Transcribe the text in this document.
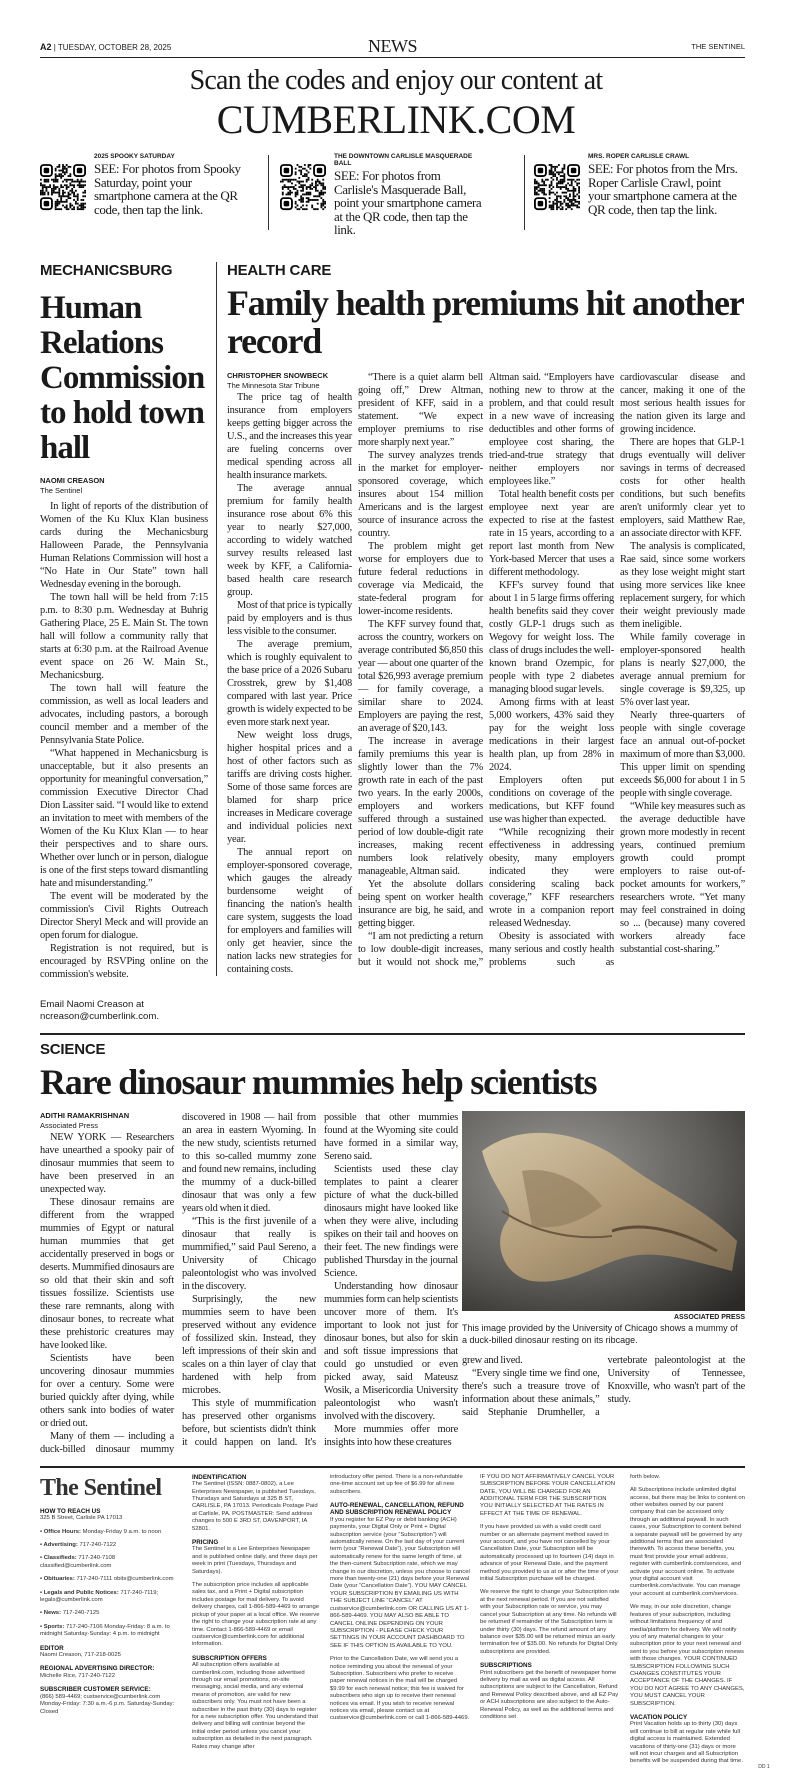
A2 | TUESDAY, OCTOBER 28, 2025	NEWS	THE SENTINEL
Scan the codes and enjoy our content at
CUMBERLINK.COM
2025 SPOOKY SATURDAY
SEE: For photos from Spooky Saturday, point your smartphone camera at the QR code, then tap the link.
THE DOWNTOWN CARLISLE MASQUERADE BALL
SEE: For photos from Carlisle's Masquerade Ball, point your smartphone camera at the QR code, then tap the link.
MRS. ROPER CARLISLE CRAWL
SEE: For photos from the Mrs. Roper Carlisle Crawl, point your smartphone camera at the QR code, then tap the link.
MECHANICSBURG
Human Relations Commission to hold town hall
NAOMI CREASON
The Sentinel

In light of reports of the distribution of Women of the Ku Klux Klan business cards during the Mechanicsburg Halloween Parade, the Pennsylvania Human Relations Commission will host a “No Hate in Our State” town hall Wednesday evening in the borough.

The town hall will be held from 7:15 p.m. to 8:30 p.m. Wednesday at Buhrig Gathering Place, 25 E. Main St. The town hall will follow a community rally that starts at 6:30 p.m. at the Railroad Avenue event space on 26 W. Main St., Mechanicsburg.

The town hall will feature the commission, as well as local leaders and advocates, including pastors, a borough council member and a member of the Pennsylvania State Police.

“What happened in Mechanicsburg is unacceptable, but it also presents an opportunity for meaningful conversation,” commission Executive Director Chad Dion Lassiter said. “I would like to extend an invitation to meet with members of the Women of the Ku Klux Klan — to hear their perspectives and to share ours. Whether over lunch or in person, dialogue is one of the first steps toward dismantling hate and misunderstanding.”

The event will be moderated by the commission's Civil Rights Outreach Director Sheryl Meck and will provide an open forum for dialogue.

Registration is not required, but is encouraged by RSVPing online on the commission's website.

Email Naomi Creason at ncreason@cumberlink.com.
HEALTH CARE
Family health premiums hit another record
CHRISTOPHER SNOWBECK
The Minnesota Star Tribune

The price tag of health insurance from employers keeps getting bigger across the U.S., and the increases this year are fueling concerns over medical spending across all health insurance markets.

The average annual premium for family health insurance rose about 6% this year to nearly $27,000, according to widely watched survey results released last week by KFF, a California-based health care research group.

Most of that price is typically paid by employers and is thus less visible to the consumer.

The average premium, which is roughly equivalent to the base price of a 2026 Subaru Crosstrek, grew by $1,408 compared with last year. Price growth is widely expected to be even more stark next year.

New weight loss drugs, higher hospital prices and a host of other factors such as tariffs are driving costs higher. Some of those same forces are blamed for sharp price increases in Medicare coverage and individual policies next year.

The annual report on employer-sponsored coverage, which gauges the already burdensome weight of financing the nation's health care system, suggests the load for employers and families will only get heavier, since the nation lacks new strategies for containing costs.

“There is a quiet alarm bell going off,” Drew Altman, president of KFF, said in a statement. “We expect employer premiums to rise more sharply next year.”

The survey analyzes trends in the market for employer-sponsored coverage, which insures about 154 million Americans and is the largest source of insurance across the country.

The problem might get worse for employers due to future federal reductions in coverage via Medicaid, the state-federal program for lower-income residents.

The KFF survey found that, across the country, workers on average contributed $6,850 this year — about one quarter of the total $26,993 average premium — for family coverage, a similar share to 2024. Employers are paying the rest, an average of $20,143.

The increase in average family premiums this year is slightly lower than the 7% growth rate in each of the past two years. In the early 2000s, employers and workers suffered through a sustained period of low double-digit rate increases, making recent numbers look relatively manageable, Altman said.

Yet the absolute dollars being spent on worker health insurance are big, he said, and getting bigger.

“I am not predicting a return to low double-digit increases, but it would not shock me,” Altman said. “Employers have nothing new to throw at the problem, and that could result in a new wave of increasing deductibles and other forms of employee cost sharing, the tried-and-true strategy that neither employers nor employees like.”

Total health benefit costs per employee next year are expected to rise at the fastest rate in 15 years, according to a report last month from New York-based Mercer that uses a different methodology.

KFF's survey found that about 1 in 5 large firms offering health benefits said they cover costly GLP-1 drugs such as Wegovy for weight loss. The class of drugs includes the well-known brand Ozempic, for people with type 2 diabetes managing blood sugar levels.

Among firms with at least 5,000 workers, 43% said they pay for the weight loss medications in their largest health plan, up from 28% in 2024.

Employers often put conditions on coverage of the medications, but KFF found use was higher than expected.

“While recognizing their effectiveness in addressing obesity, many employers indicated they were considering scaling back coverage,” KFF researchers wrote in a companion report released Wednesday.

Obesity is associated with many serious and costly health problems such as cardiovascular disease and cancer, making it one of the most serious health issues for the nation given its large and growing incidence.

There are hopes that GLP-1 drugs eventually will deliver savings in terms of decreased costs for other health conditions, but such benefits aren't uniformly clear yet to employers, said Matthew Rae, an associate director with KFF.

The analysis is complicated, Rae said, since some workers as they lose weight might start using more services like knee replacement surgery, for which their weight previously made them ineligible.

While family coverage in employer-sponsored health plans is nearly $27,000, the average annual premium for single coverage is $9,325, up 5% over last year.

Nearly three-quarters of people with single coverage face an annual out-of-pocket maximum of more than $3,000. This upper limit on spending exceeds $6,000 for about 1 in 5 people with single coverage.

“While key measures such as the average deductible have grown more modestly in recent years, continued premium growth could prompt employers to raise out-of-pocket amounts for workers,” researchers wrote. “Yet many may feel constrained in doing so ... (because) many covered workers already face substantial cost-sharing.”

SCIENCE
Rare dinosaur mummies help scientists
ADITHI RAMAKRISHNAN
Associated Press

NEW YORK — Researchers have unearthed a spooky pair of dinosaur mummies that seem to have been preserved in an unexpected way.

These dinosaur remains are different from the wrapped mummies of Egypt or natural human mummies that get accidentally preserved in bogs or deserts. Mummified dinosaurs are so old that their skin and soft tissues fossilize. Scientists use these rare remnants, along with dinosaur bones, to recreate what these prehistoric creatures may have looked like.

Scientists have been uncovering dinosaur mummies for over a century. Some were buried quickly after dying, while others sank into bodies of water or dried out.

Many of them — including a duck-billed dinosaur mummy discovered in 1908 — hail from an area in eastern Wyoming. In the new study, scientists returned to this so-called mummy zone and found new remains, including the mummy of a duck-billed dinosaur that was only a few years old when it died.

“This is the first juvenile of a dinosaur that really is mummified,” said Paul Sereno, a University of Chicago paleontologist who was involved in the discovery.

Surprisingly, the new mummies seem to have been preserved without any evidence of fossilized skin. Instead, they left impressions of their skin and scales on a thin layer of clay that hardened with help from microbes.

This style of mummification has preserved other organisms before, but scientists didn't think it could happen on land. It's possible that other mummies found at the Wyoming site could have formed in a similar way, Sereno said.

Scientists used these clay templates to paint a clearer picture of what the duck-billed dinosaurs might have looked like when they were alive, including spikes on their tail and hooves on their feet. The new findings were published Thursday in the journal Science.

Understanding how dinosaur mummies form can help scientists uncover more of them. It's important to look not just for dinosaur bones, but also for skin and soft tissue impressions that could go unstudied or even picked away, said Mateusz Wosik, a Misericordia University paleontologist who wasn't involved with the discovery.

More mummies offer more insights into how these creatures

ASSOCIATED PRESS
This image provided by the University of Chicago shows a mummy of a duck-billed dinosaur resting on its ribcage.

grew and lived.

“Every single time we find one, there's such a treasure trove of information about these animals,” said Stephanie Drumheller, a vertebrate paleontologist at the University of Tennessee, Knoxville, who wasn't part of the study.

The Sentinel
HOW TO REACH US
325 B Street, Carlisle PA 17013
• Office Hours: Monday-Friday 9 a.m. to noon
• Advertising: 717-240-7122
• Classifieds: 717-240-7108 classified@cumberlink.com
• Obituaries: 717-240-7111 obits@cumberlink.com
• Legals and Public Notices: 717-240-7119; legals@cumberlink.com
• News: 717-240-7125
• Sports: 717-240-7106 Monday-Friday: 8 a.m. to midnight Saturday-Sunday: 4 p.m. to midnight
EDITOR
Naomi Creason, 717-218-0025
REGIONAL ADVERTISING DIRECTOR:
Michelle Rice, 717-240-7122
SUBSCRIBER CUSTOMER SERVICE:
(866) 589-4469; custservice@cumberlink.com Monday-Friday: 7:30 a.m.-6 p.m. Saturday-Sunday: Closed
INDENTIFICATION

The Sentinel (ISSN: 0887-0802), a Lee Enterprises Newspaper, is published Tuesdays, Thursdays and Saturdays at 325 B ST, CARLISLE, PA 17013. Periodicals Postage Paid at Carlisle, PA. POSTMASTER: Send address changes to 500 E 3RD ST, DAVENPORT, IA 52801.

PRICING

The Sentinel is a Lee Enterprises Newspaper and is published online daily, and three days per week in print (Tuesdays, Thursdays and Saturdays).

The subscription price includes all applicable sales tax, and a Print + Digital subscription includes postage for mail delivery. To avoid delivery charges, call 1-866-589-4469 to arrange pickup of your paper at a local office. We reserve the right to change your subscription rate at any time. Contact 1-866-589-4469 or email custservice@cumberlink.com for additional information.

SUBSCRIPTION OFFERS

All subscription offers available at cumberlink.com, including those advertised through our email promotions, on-site messaging, social media, and any external means of promotion, are valid for new subscribers only. You must not have been a subscriber in the past thirty (30) days to register for a new subscription offer. You understand that delivery and billing will continue beyond the initial order period unless you cancel your subscription as detailed in the next paragraph. Rates may change after

introductory offer period. There is a non-refundable one-time account set up fee of $6.99 for all new subscribers.

AUTO-RENEWAL, CANCELLATION, REFUND AND SUBSCRIPTION RENEWAL POLICY

If you register for EZ Pay or debit banking (ACH) payments, your Digital Only or Print + Digital subscription service (your “Subscription”) will automatically renew. On the last day of your current term (your “Renewal Date”), your Subscription will automatically renew for the same length of time, at the then-current Subscription rate, which we may change in our discretion, unless you choose to cancel more than twenty-one (21) days before your Renewal Date (your “Cancellation Date”). YOU MAY CANCEL YOUR SUBSCRIPTION BY EMAILING US WITH THE SUBJECT LINE “CANCEL” AT custservice@cumberlink.com OR CALLING US AT 1-866-589-4469. YOU MAY ALSO BE ABLE TO CANCEL ONLINE DEPENDING ON YOUR SUBSCRIPTION - PLEASE CHECK YOUR SETTINGS IN YOUR ACCOUNT DASHBOARD TO SEE IF THIS OPTION IS AVAILABLE TO YOU.

Prior to the Cancellation Date, we will send you a notice reminding you about the renewal of your Subscription. Subscribers who prefer to receive paper renewal notices in the mail will be charged $9.99 for each renewal notice; this fee is waived for subscribers who sign up to receive their renewal notices via email. If you wish to receive renewal notices via email, please contact us at custservice@cumberlink.com or call 1-866-589-4469.

IF YOU DO NOT AFFIRMATIVELY CANCEL YOUR SUBSCRIPTION BEFORE YOUR CANCELLATION DATE, YOU WILL BE CHARGED FOR AN ADDITIONAL TERM FOR THE SUBSCRIPTION YOU INITIALLY SELECTED AT THE RATES IN EFFECT AT THE TIME OF RENEWAL.

If you have provided us with a valid credit card number or an alternate payment method saved in your account, and you have not cancelled by your Cancellation Date, your Subscription will be automatically processed up to fourteen (14) days in advance of your Renewal Date, and the payment method you provided to us at or after the time of your initial Subscription purchase will be charged.

We reserve the right to change your Subscription rate at the next renewal period. If you are not satisfied with your Subscription rate or service, you may cancel your Subscription at any time. No refunds will be returned if remainder of the Subscription term is under thirty (30) days. The refund amount of any balance over $35.00 will be returned minus an early termination fee of $35.00. No refunds for Digital Only subscriptions are provided.

SUBSCRIPTIONS

Print subscribers get the benefit of newspaper home delivery by mail as well as digital access. All subscriptions are subject to the Cancellation, Refund and Renewal Policy described above, and all EZ Pay or ACH subscriptions are also subject to the Auto-Renewal Policy, as well as the additional terms and conditions set

forth below.

All Subscriptions include unlimited digital access, but there may be links to content on other websites owned by our parent company that can be accessed only through an additional paywall. In such cases, your Subscription to content behind a separate paywall will be governed by any additional terms that are associated therewith. To access these benefits, you must first provide your email address, register with cumberlink.com/services, and activate your account online. To activate your digital account visit cumberlink.com/activate. You can manage your account at cumberlink.com/services.

We may, in our sole discretion, change features of your subscription, including without limitations frequency of and media/platform for delivery. We will notify you of any material changes to your subscription prior to your next renewal and sent to you before your subscription renews with those changes. YOUR CONTINUED SUBSCRIPTION FOLLOWING SUCH CHANGES CONSTITUTES YOUR ACCEPTANCE OF THE CHANGES. IF YOU DO NOT AGREE TO ANY CHANGES, YOU MUST CANCEL YOUR SUBSCRIPTION.

VACATION POLICY

Print Vacation holds up to thirty (30) days will continue to bill at regular rate while full digital access is maintained. Extended vacations of thirty-one (31) days or more will not incur charges and all Subscription benefits will be suspended during that time.

DD 1
